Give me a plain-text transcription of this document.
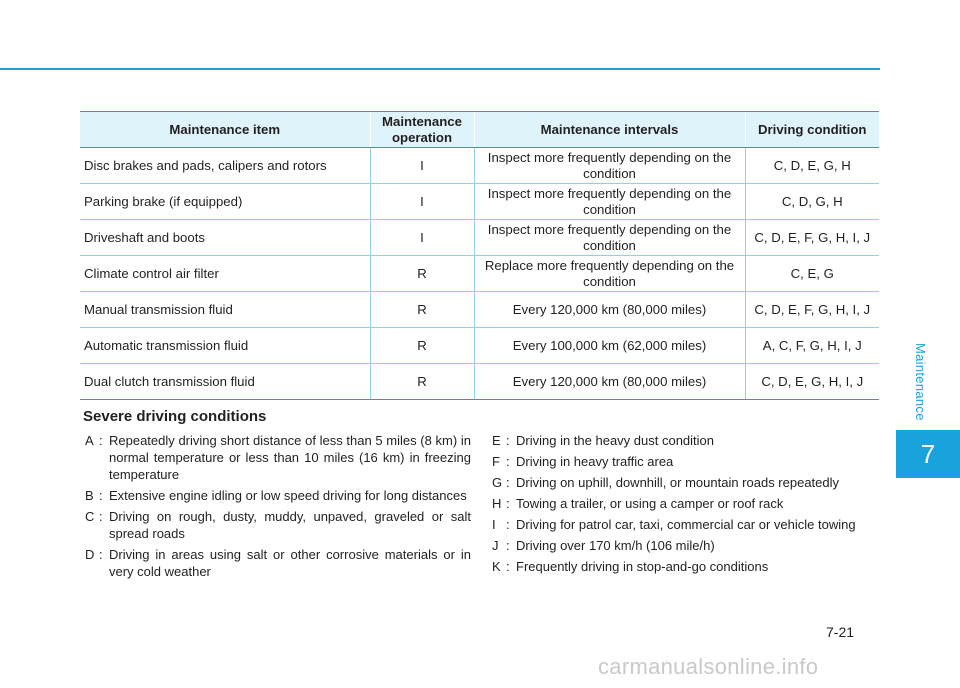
Maintenance item	Maintenance operation	Maintenance intervals	Driving condition
Disc brakes and pads, calipers and rotors	I	Inspect more frequently depending on the condition	C, D, E, G, H
Parking brake (if equipped)	I	Inspect more frequently depending on the condition	C, D, G, H
Driveshaft and boots	I	Inspect more frequently depending on the condition	C, D, E, F, G, H, I, J
Climate control air filter	R	Replace more frequently depending on the condition	C, E, G
Manual transmission fluid	R	Every 120,000 km (80,000 miles)	C, D, E, F, G, H, I, J
Automatic transmission fluid	R	Every 100,000 km (62,000 miles)	A, C, F, G, H, I, J
Dual clutch transmission fluid	R	Every 120,000 km (80,000 miles)	C, D, E, G, H, I, J
Severe driving conditions
A : Repeatedly driving short distance of less than 5 miles (8 km) in normal temperature or less than 10 miles (16 km) in freezing temperature
B : Extensive engine idling or low speed driving for long distances
C : Driving on rough, dusty, muddy, unpaved, graveled or salt spread roads
D : Driving in areas using salt or other corrosive materials or in very cold weather
E : Driving in the heavy dust condition
F : Driving in heavy traffic area
G : Driving on uphill, downhill, or mountain roads repeatedly
H : Towing a trailer, or using a camper or roof rack
I : Driving for patrol car, taxi, commercial car or vehicle towing
J : Driving over 170 km/h (106 mile/h)
K : Frequently driving in stop-and-go conditions
Maintenance
7
7-21
carmanualsonline.info
